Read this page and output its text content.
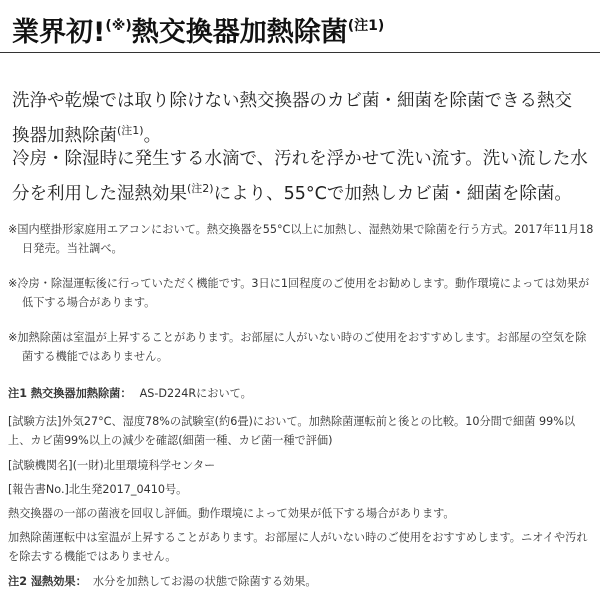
業界初!(※)熱交換器加熱除菌$^{(注1)}$

洗浄や乾燥では取り除けない熱交換器のカビ菌・細菌を除菌できる熱交換器加熱除菌$^{(注1)}$。

冷房・除湿時に発生する水滴で、汚れを浮かせて洗い流す。洗い流した水分を利用した湿熱効果$^{(注2)}$により、55°Cで加熱しカビ菌・細菌を除菌。

※国内壁掛形家庭用エアコンにおいて。熱交換器を55°C以上に加熱し、湿熱効果で除菌を行う方式。2017年11月18日発売。当社調べ。

※冷房・除湿運転後に行っていただく機能です。3日に1回程度のご使用をお勧めします。動作環境によっては効果が低下する場合があります。

※加熱除菌は室温が上昇することがあります。お部屋に人がいない時のご使用をおすすめします。お部屋の空気を除菌する機能ではありません。

注1 熱交換器加熱除菌： AS-D224Rにおいて。

[試験方法]外気27°C、湿度78%の試験室(約6畳)において。加熱除菌運転前と後との比較。10分間で細菌 99%以上、カビ菌99%以上の減少を確認(細菌一種、カビ菌一種で評価)

[試験機関名](一財)北里環境科学センター

[報告書No.]北生発2017_0410号。

熱交換器の一部の菌液を回収し評価。動作環境によって効果が低下する場合があります。

加熱除菌運転中は室温が上昇することがあります。お部屋に人がいない時のご使用をおすすめします。ニオイや汚れを除去する機能ではありません。

注2 湿熱効果： 水分を加熱してお湯の状態で除菌する効果。
